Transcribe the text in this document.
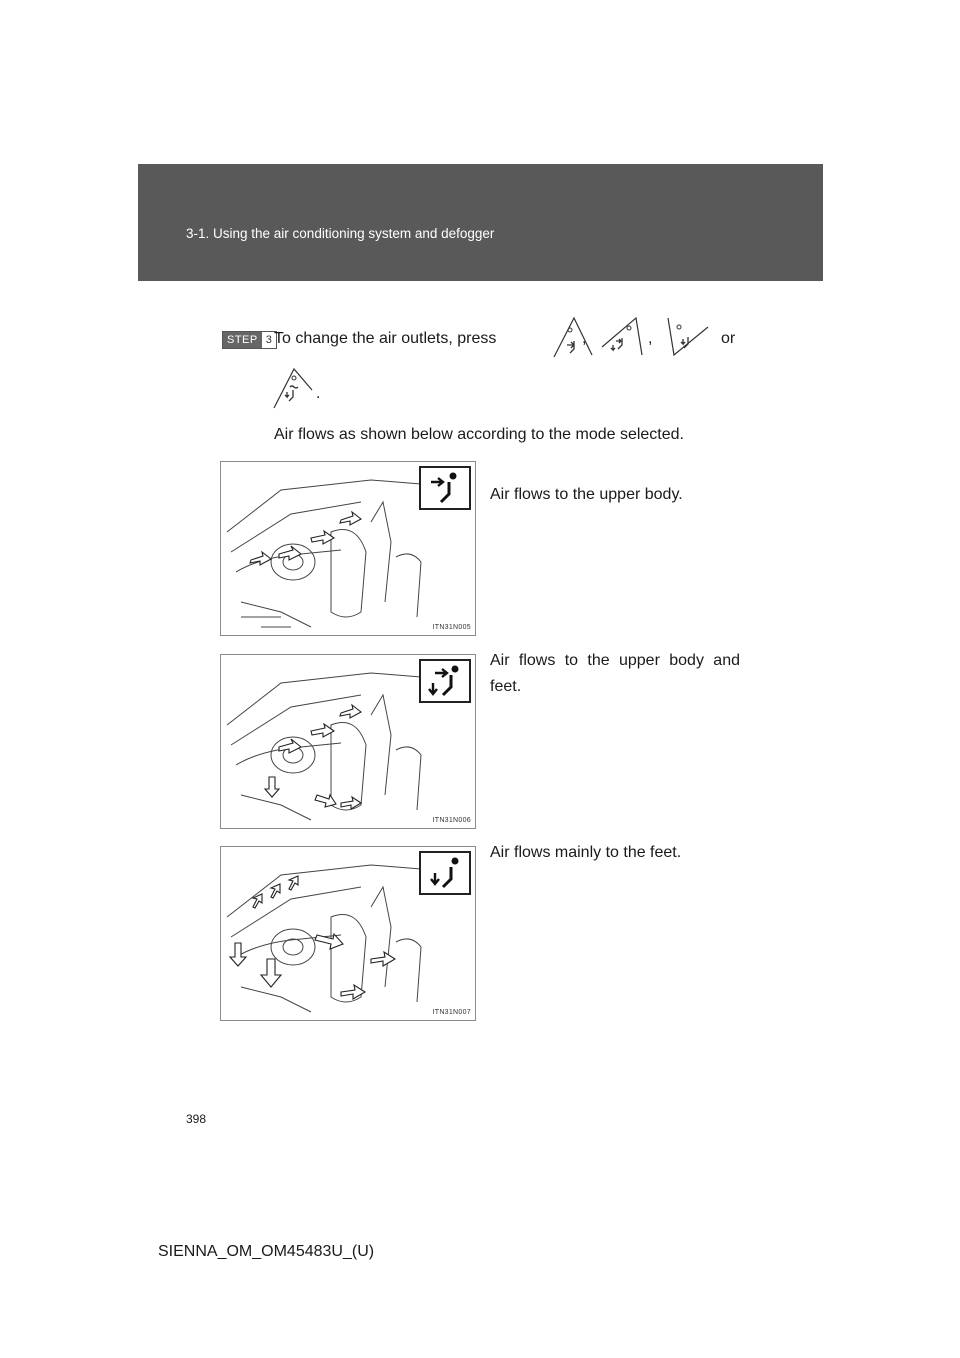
3-1. Using the air conditioning system and defogger
STEP 3 To change the air outlets, press	,	,	or
.
Air flows as shown below according to the mode selected.
ITN31N005
Air flows to the upper body.
ITN31N006
Air flows to the upper body and feet.
ITN31N007
Air flows mainly to the feet.
398
SIENNA_OM_OM45483U_(U)
